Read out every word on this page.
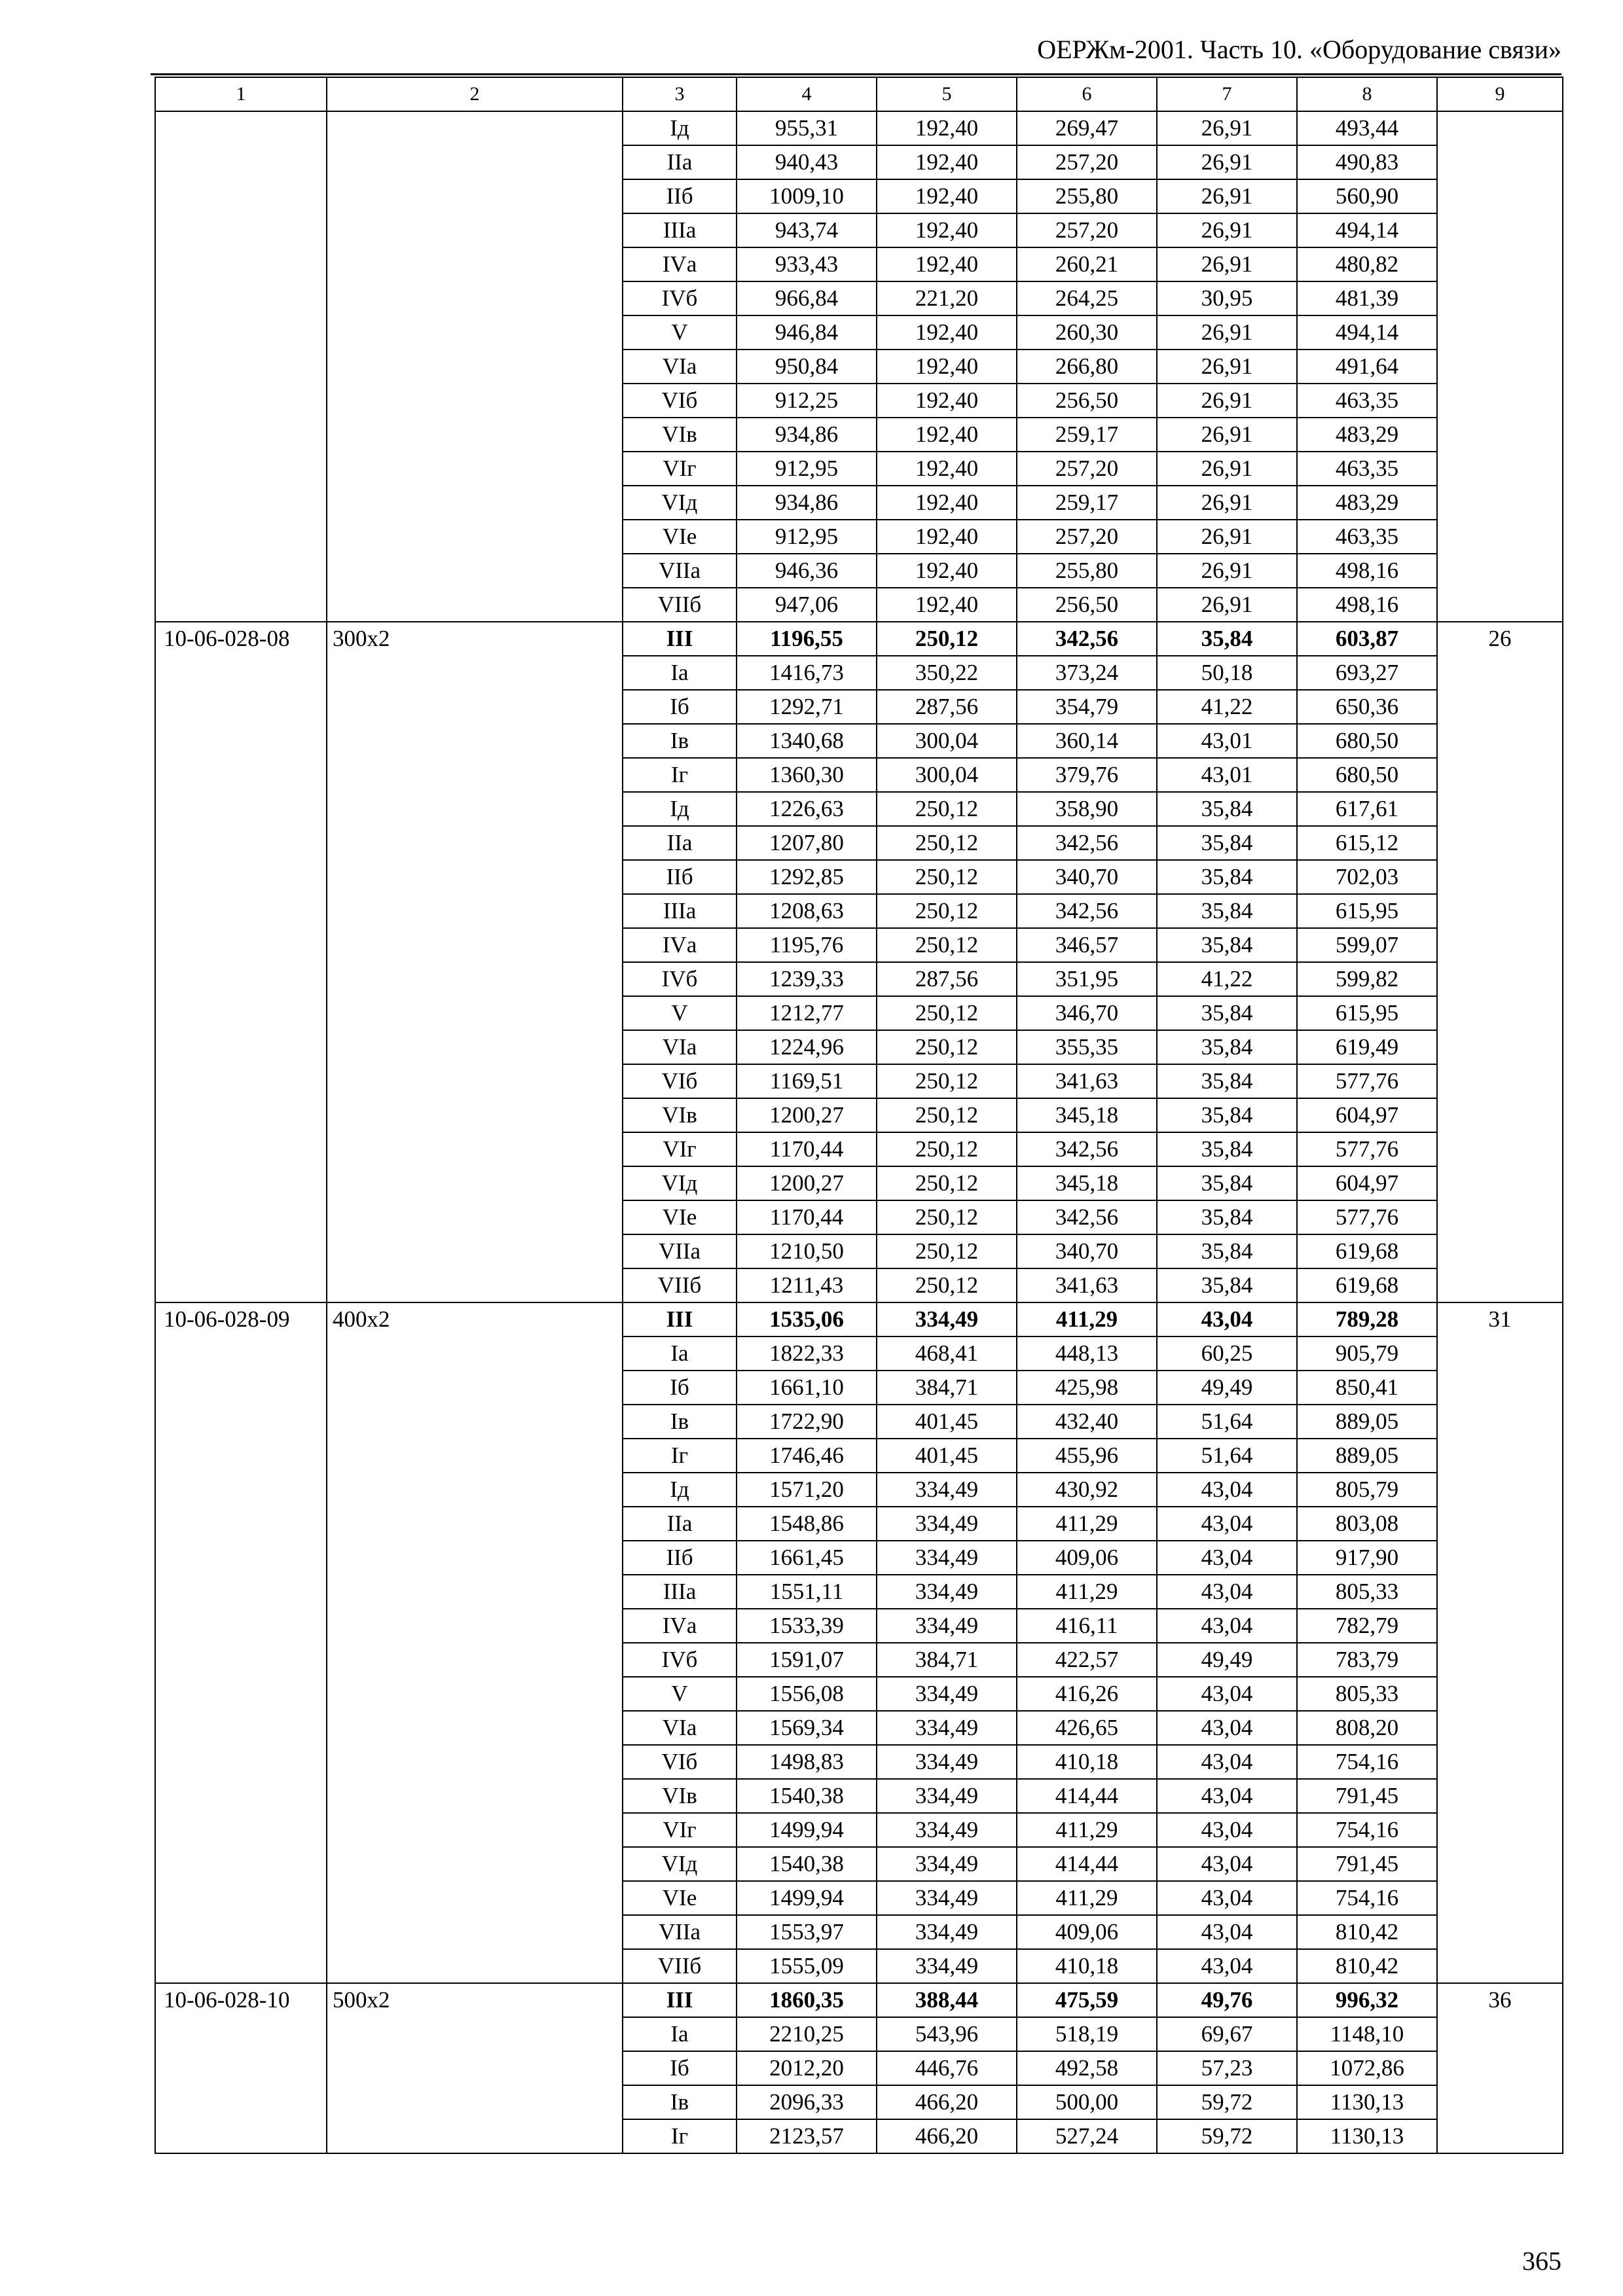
ОЕРЖм-2001. Часть 10. «Оборудование связи»
1	2	3	4	5	6	7	8	9
		Iд	955,31	192,40	269,47	26,91	493,44	
		IIа	940,43	192,40	257,20	26,91	490,83	
		IIб	1009,10	192,40	255,80	26,91	560,90	
		IIIа	943,74	192,40	257,20	26,91	494,14	
		IVа	933,43	192,40	260,21	26,91	480,82	
		IVб	966,84	221,20	264,25	30,95	481,39	
		V	946,84	192,40	260,30	26,91	494,14	
		VIа	950,84	192,40	266,80	26,91	491,64	
		VIб	912,25	192,40	256,50	26,91	463,35	
		VIв	934,86	192,40	259,17	26,91	483,29	
		VIг	912,95	192,40	257,20	26,91	463,35	
		VIд	934,86	192,40	259,17	26,91	483,29	
		VIе	912,95	192,40	257,20	26,91	463,35	
		VIIа	946,36	192,40	255,80	26,91	498,16	
		VIIб	947,06	192,40	256,50	26,91	498,16	
10-06-028-08	300х2	III	1196,55	250,12	342,56	35,84	603,87	26
		Iа	1416,73	350,22	373,24	50,18	693,27	
		Iб	1292,71	287,56	354,79	41,22	650,36	
		Iв	1340,68	300,04	360,14	43,01	680,50	
		Iг	1360,30	300,04	379,76	43,01	680,50	
		Iд	1226,63	250,12	358,90	35,84	617,61	
		IIа	1207,80	250,12	342,56	35,84	615,12	
		IIб	1292,85	250,12	340,70	35,84	702,03	
		IIIа	1208,63	250,12	342,56	35,84	615,95	
		IVа	1195,76	250,12	346,57	35,84	599,07	
		IVб	1239,33	287,56	351,95	41,22	599,82	
		V	1212,77	250,12	346,70	35,84	615,95	
		VIа	1224,96	250,12	355,35	35,84	619,49	
		VIб	1169,51	250,12	341,63	35,84	577,76	
		VIв	1200,27	250,12	345,18	35,84	604,97	
		VIг	1170,44	250,12	342,56	35,84	577,76	
		VIд	1200,27	250,12	345,18	35,84	604,97	
		VIе	1170,44	250,12	342,56	35,84	577,76	
		VIIа	1210,50	250,12	340,70	35,84	619,68	
		VIIб	1211,43	250,12	341,63	35,84	619,68	
10-06-028-09	400х2	III	1535,06	334,49	411,29	43,04	789,28	31
		Iа	1822,33	468,41	448,13	60,25	905,79	
		Iб	1661,10	384,71	425,98	49,49	850,41	
		Iв	1722,90	401,45	432,40	51,64	889,05	
		Iг	1746,46	401,45	455,96	51,64	889,05	
		Iд	1571,20	334,49	430,92	43,04	805,79	
		IIа	1548,86	334,49	411,29	43,04	803,08	
		IIб	1661,45	334,49	409,06	43,04	917,90	
		IIIа	1551,11	334,49	411,29	43,04	805,33	
		IVа	1533,39	334,49	416,11	43,04	782,79	
		IVб	1591,07	384,71	422,57	49,49	783,79	
		V	1556,08	334,49	416,26	43,04	805,33	
		VIа	1569,34	334,49	426,65	43,04	808,20	
		VIб	1498,83	334,49	410,18	43,04	754,16	
		VIв	1540,38	334,49	414,44	43,04	791,45	
		VIг	1499,94	334,49	411,29	43,04	754,16	
		VIд	1540,38	334,49	414,44	43,04	791,45	
		VIе	1499,94	334,49	411,29	43,04	754,16	
		VIIа	1553,97	334,49	409,06	43,04	810,42	
		VIIб	1555,09	334,49	410,18	43,04	810,42	
10-06-028-10	500х2	III	1860,35	388,44	475,59	49,76	996,32	36
		Iа	2210,25	543,96	518,19	69,67	1148,10	
		Iб	2012,20	446,76	492,58	57,23	1072,86	
		Iв	2096,33	466,20	500,00	59,72	1130,13	
		Iг	2123,57	466,20	527,24	59,72	1130,13	
365
